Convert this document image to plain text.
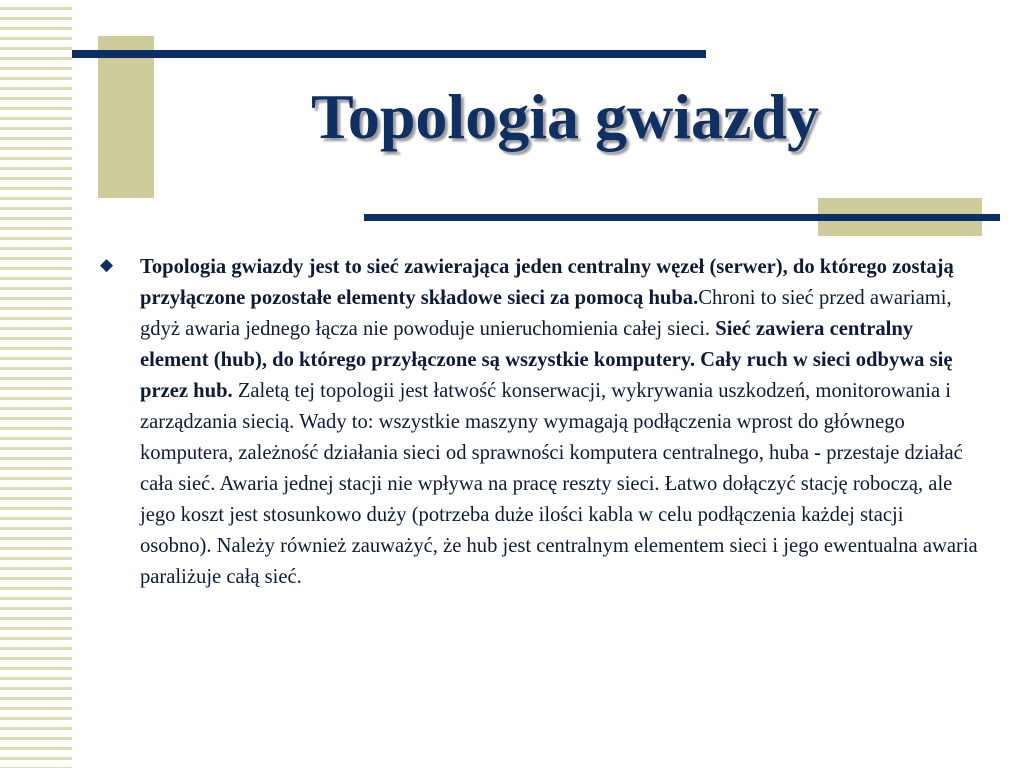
Topologia gwiazdy
◆ Topologia gwiazdy jest to sieć zawierająca jeden centralny węzeł (serwer), do którego zostają przyłączone pozostałe elementy składowe sieci za pomocą huba.Chroni to sieć przed awariami, gdyż awaria jednego łącza nie powoduje unieruchomienia całej sieci. Sieć zawiera centralny element (hub), do którego przyłączone są wszystkie komputery. Cały ruch w sieci odbywa się przez hub. Zaletą tej topologii jest łatwość konserwacji, wykrywania uszkodzeń, monitorowania i zarządzania siecią. Wady to: wszystkie maszyny wymagają podłączenia wprost do głównego komputera, zależność działania sieci od sprawności komputera centralnego, huba - przestaje działać cała sieć. Awaria jednej stacji nie wpływa na pracę reszty sieci. Łatwo dołączyć stację roboczą, ale jego koszt jest stosunkowo duży (potrzeba duże ilości kabla w celu podłączenia każdej stacji osobno). Należy również zauważyć, że hub jest centralnym elementem sieci i jego ewentualna awaria paraliżuje całą sieć.
